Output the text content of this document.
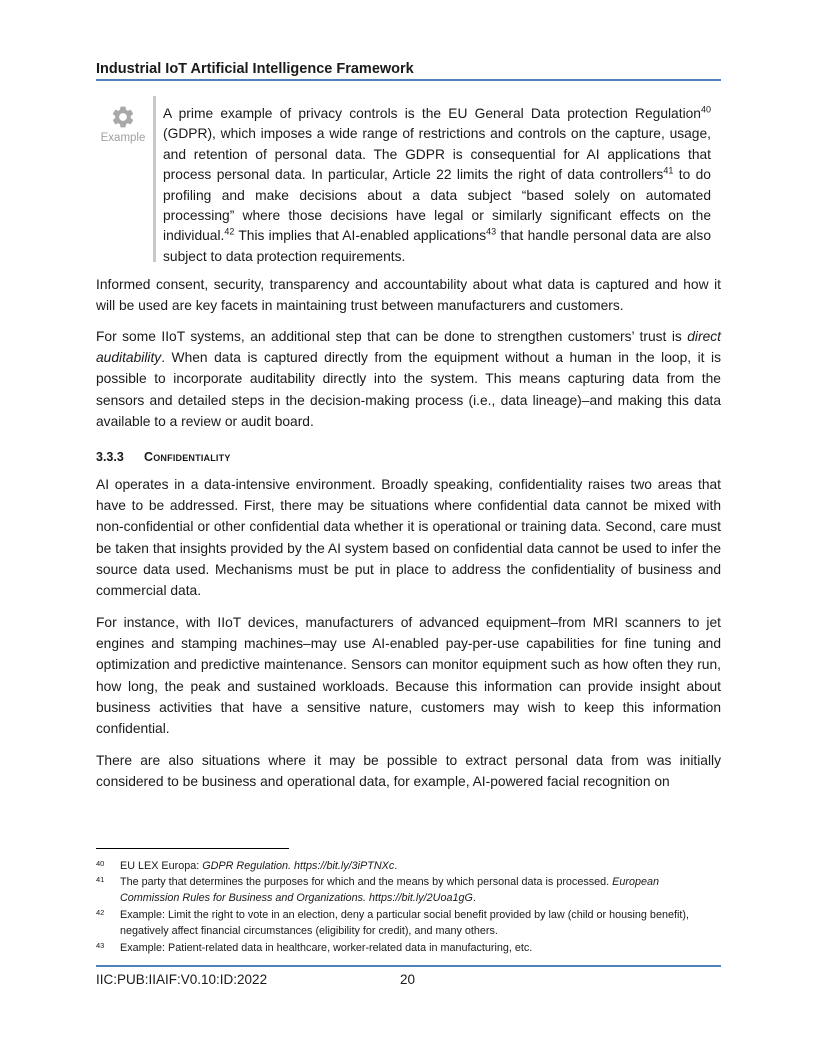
Industrial IoT Artificial Intelligence Framework
Example
A prime example of privacy controls is the EU General Data protection Regulation$^{40}$ (GDPR), which imposes a wide range of restrictions and controls on the capture, usage, and retention of personal data. The GDPR is consequential for AI applications that process personal data. In particular, Article 22 limits the right of data controllers$^{41}$ to do profiling and make decisions about a data subject “based solely on automated processing” where those decisions have legal or similarly significant effects on the individual.$^{42}$ This implies that AI-enabled applications$^{43}$ that handle personal data are also subject to data protection requirements.
Informed consent, security, transparency and accountability about what data is captured and how it will be used are key facets in maintaining trust between manufacturers and customers.
For some IIoT systems, an additional step that can be done to strengthen customers’ trust is direct auditability. When data is captured directly from the equipment without a human in the loop, it is possible to incorporate auditability directly into the system. This means capturing data from the sensors and detailed steps in the decision-making process (i.e., data lineage)–and making this data available to a review or audit board.
3.3.3 Confidentiality
AI operates in a data-intensive environment. Broadly speaking, confidentiality raises two areas that have to be addressed. First, there may be situations where confidential data cannot be mixed with non-confidential or other confidential data whether it is operational or training data. Second, care must be taken that insights provided by the AI system based on confidential data cannot be used to infer the source data used. Mechanisms must be put in place to address the confidentiality of business and commercial data.
For instance, with IIoT devices, manufacturers of advanced equipment–from MRI scanners to jet engines and stamping machines–may use AI-enabled pay-per-use capabilities for fine tuning and optimization and predictive maintenance. Sensors can monitor equipment such as how often they run, how long, the peak and sustained workloads. Because this information can provide insight about business activities that have a sensitive nature, customers may wish to keep this information confidential.
There are also situations where it may be possible to extract personal data from was initially considered to be business and operational data, for example, AI-powered facial recognition on
40 EU LEX Europa: GDPR Regulation. https://bit.ly/3iPTNXc.
41 The party that determines the purposes for which and the means by which personal data is processed. European Commission Rules for Business and Organizations. https://bit.ly/2Uoa1gG.
42 Example: Limit the right to vote in an election, deny a particular social benefit provided by law (child or housing benefit), negatively affect financial circumstances (eligibility for credit), and many others.
43 Example: Patient-related data in healthcare, worker-related data in manufacturing, etc.
IIC:PUB:IIAIF:V0.10:ID:2022	20
